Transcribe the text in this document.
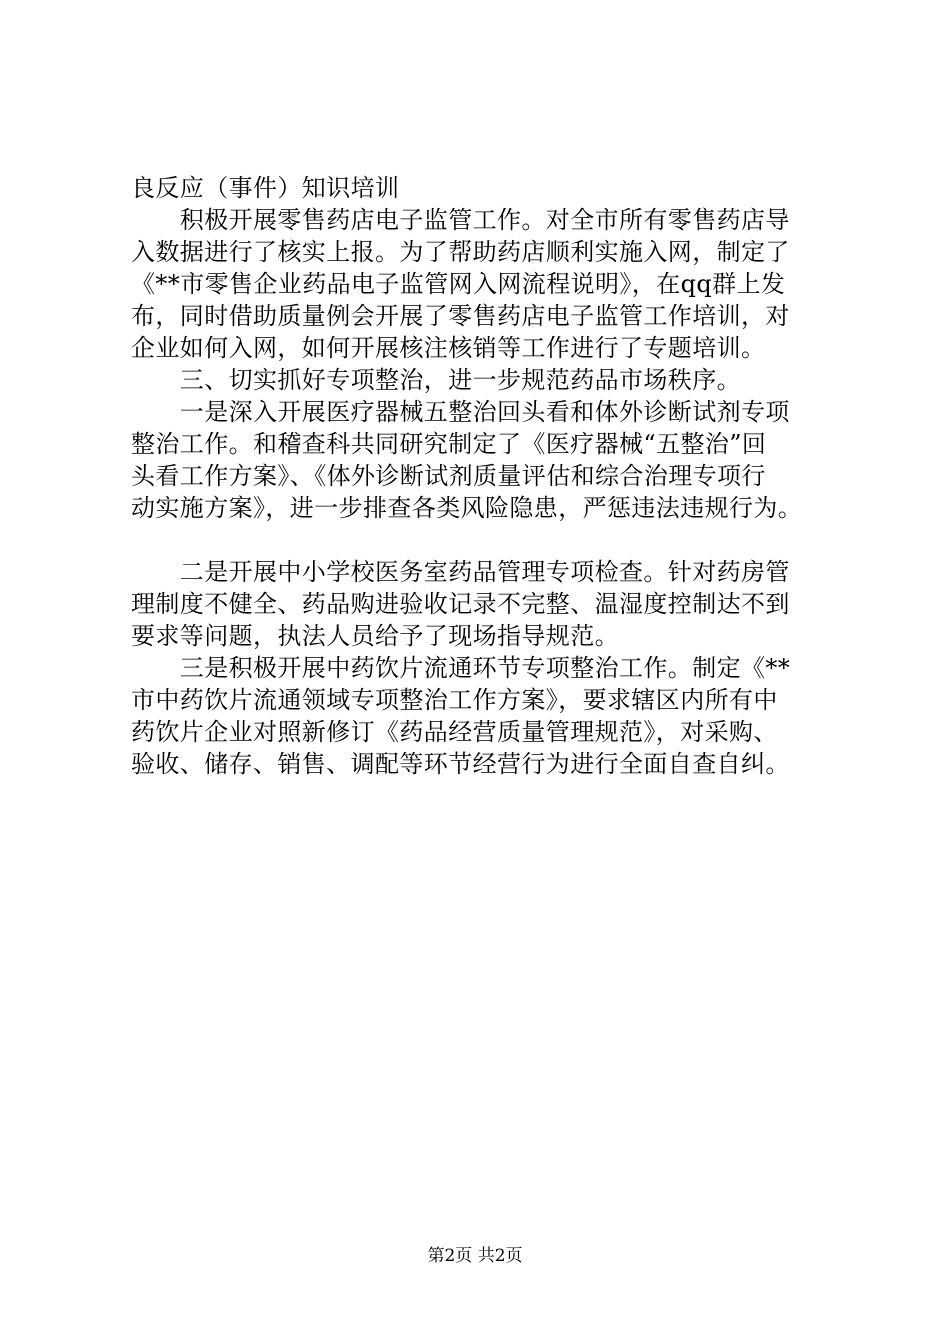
良反应（事件）知识培训
　　积极开展零售药店电子监管工作。对全市所有零售药店导
入数据进行了核实上报。为了帮助药店顺利实施入网，制定了
《**市零售企业药品电子监管网入网流程说明》，在qq群上发
布，同时借助质量例会开展了零售药店电子监管工作培训，对
企业如何入网，如何开展核注核销等工作进行了专题培训。
　　三、切实抓好专项整治，进一步规范药品市场秩序。
　　一是深入开展医疗器械五整治回头看和体外诊断试剂专项
整治工作。和稽查科共同研究制定了《医疗器械“五整治”回
头看工作方案》、《体外诊断试剂质量评估和综合治理专项行
动实施方案》，进一步排查各类风险隐患，严惩违法违规行为。
　　二是开展中小学校医务室药品管理专项检查。针对药房管
理制度不健全、药品购进验收记录不完整、温湿度控制达不到
要求等问题，执法人员给予了现场指导规范。
　　三是积极开展中药饮片流通环节专项整治工作。制定《**
市中药饮片流通领域专项整治工作方案》，要求辖区内所有中
药饮片企业对照新修订《药品经营质量管理规范》，对采购、
验收、储存、销售、调配等环节经营行为进行全面自查自纠。
第2页 共2页
